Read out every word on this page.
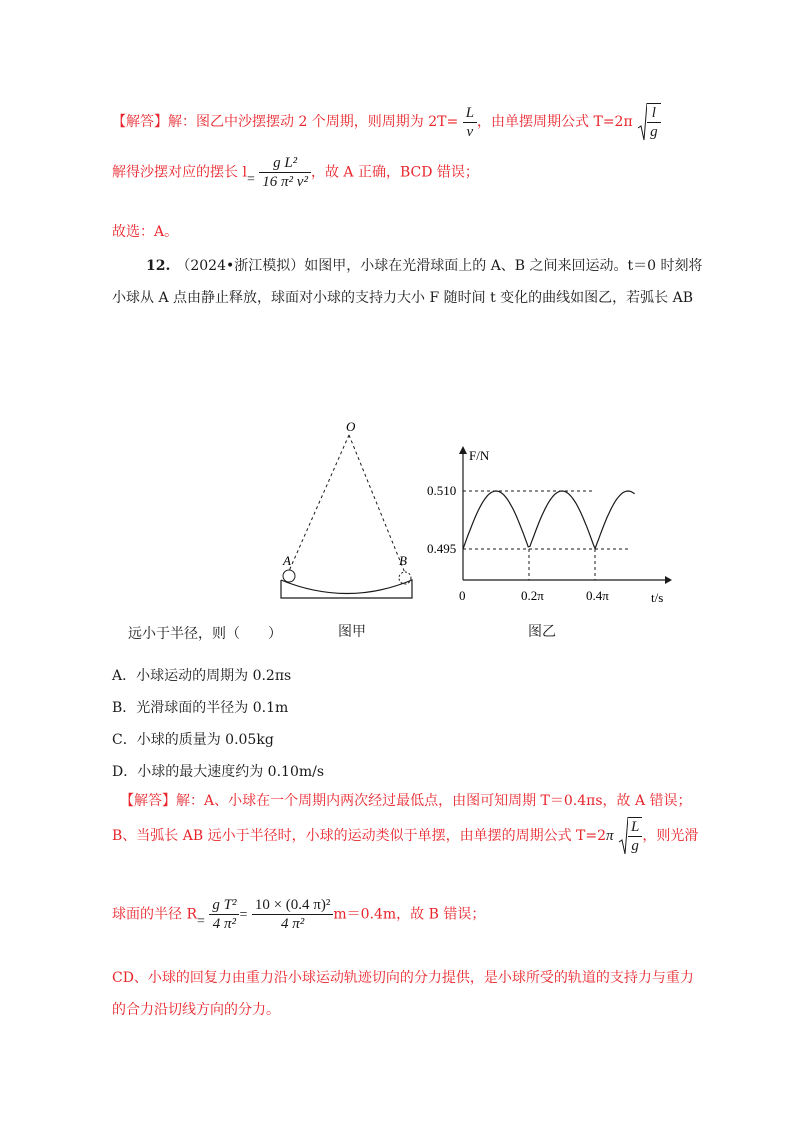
【解答】解：图乙中沙摆摆动 2 个周期，则周期为 $2T= \frac{L}{v}$ ，由单摆周期公式 $T=2\pi \frac{l}{g}$
解得沙摆对应的摆长 $l= \frac{\text{g L²}}{\text{16 π² v²}}$ ，故 A 正确，BCD 错误；
故选：A。
12. （2024•浙江模拟）如图甲，小球在光滑球面上的 A、B 之间来回运动。t＝0 时刻将
小球从 A 点由静止释放，球面对小球的支持力大小 F 随时间 t 变化的曲线如图乙，若弧长 AB
O
A	B
F/N
t/s
0
0.510
0.495
0.2π	0.4π
远小于半径，则（　　）	图甲	图乙
A．小球运动的周期为 0.2πs
B．光滑球面的半径为 0.1m
C．小球的质量为 0.05kg
D．小球的最大速度约为 0.10m/s
【解答】解：A、小球在一个周期内两次经过最低点，由图可知周期 T＝0.4πs，故 A 错误；
B、当弧长 AB 远小于半径时，小球的运动类似于单摆，由单摆的周期公式 $T=2\pi \frac{L}{g}$ ，则光滑
球面的半径 $R= \frac{\text{g T²}}{\text{4 π²}} = \frac{\text{10 × (0.4 π)²}}{\text{4 π²}} m=0.4m$，故 B 错误；
CD、小球的回复力由重力沿小球运动轨迹切向的分力提供，是小球所受的轨道的支持力与重力
的合力沿切线方向的分力。
